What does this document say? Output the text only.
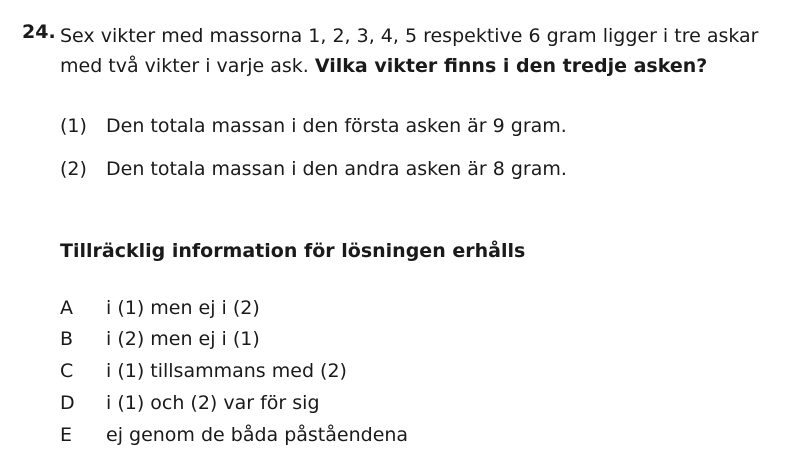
24. Sex vikter med massorna 1, 2, 3, 4, 5 respektive 6 gram ligger i tre askar med två vikter i varje ask. Vilka vikter finns i den tredje asken?
(1)	Den totala massan i den första asken är 9 gram.
(2)	Den totala massan i den andra asken är 8 gram.
Tillräcklig information för lösningen erhålls
A	i (1) men ej i (2)
B	i (2) men ej i (1)
C	i (1) tillsammans med (2)
D	i (1) och (2) var för sig
E	ej genom de båda påståendena
